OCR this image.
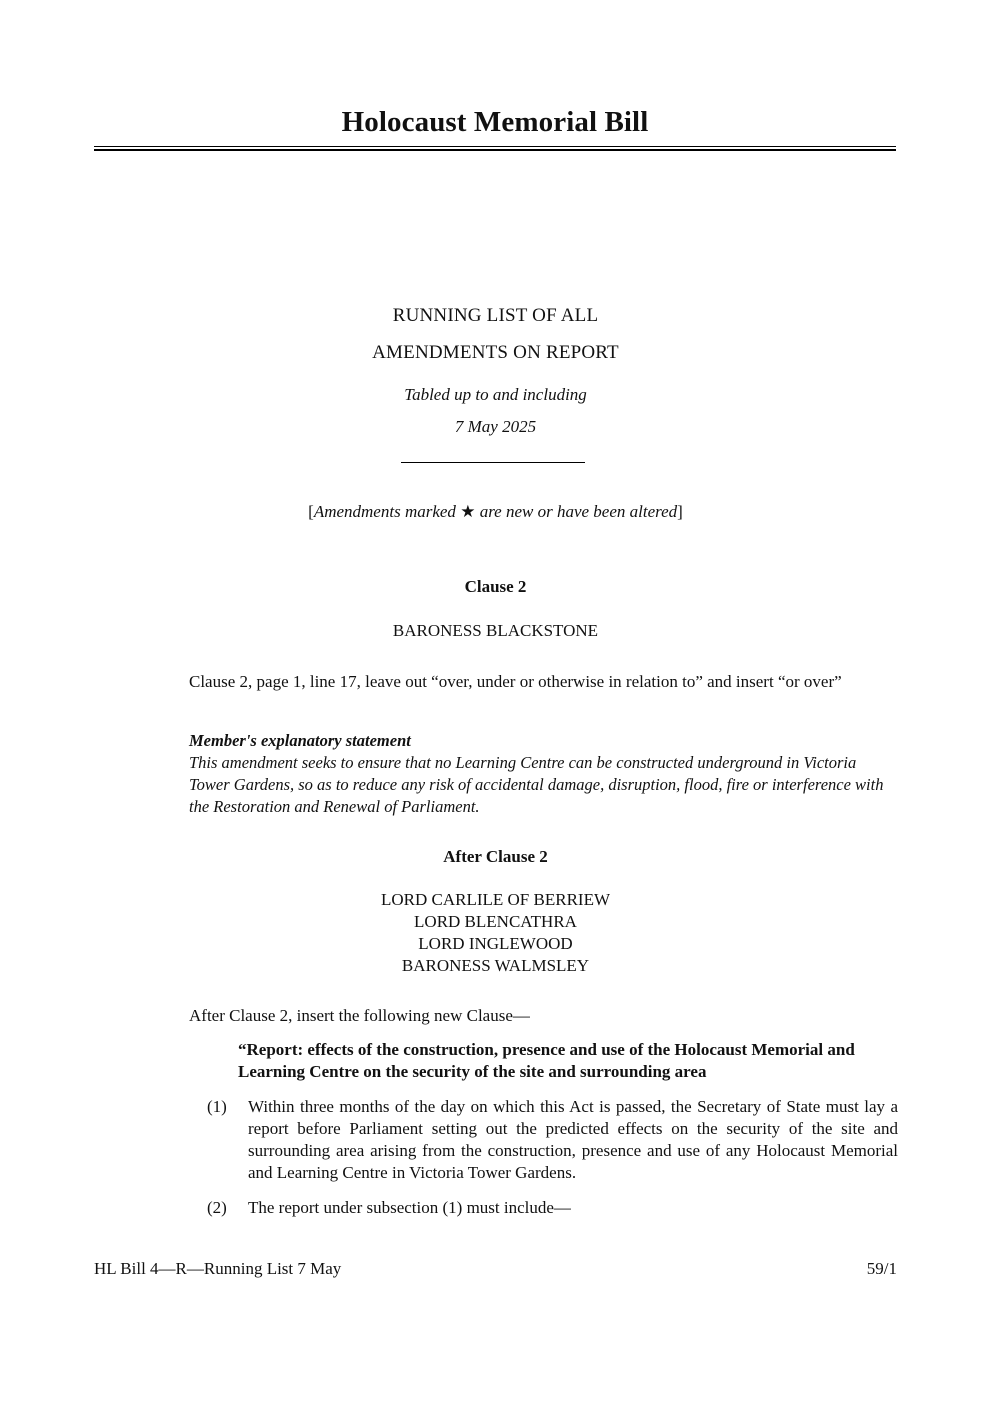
Holocaust Memorial Bill
RUNNING LIST OF ALL
AMENDMENTS ON REPORT
Tabled up to and including
7 May 2025
[Amendments marked ★ are new or have been altered]
Clause 2
BARONESS BLACKSTONE
Clause 2, page 1, line 17, leave out “over, under or otherwise in relation to” and insert “or over”
Member's explanatory statement
This amendment seeks to ensure that no Learning Centre can be constructed underground in Victoria Tower Gardens, so as to reduce any risk of accidental damage, disruption, flood, fire or interference with the Restoration and Renewal of Parliament.
After Clause 2
LORD CARLILE OF BERRIEW
LORD BLENCATHRA
LORD INGLEWOOD
BARONESS WALMSLEY
After Clause 2, insert the following new Clause—
“Report: effects of the construction, presence and use of the Holocaust Memorial and Learning Centre on the security of the site and surrounding area
(1)	Within three months of the day on which this Act is passed, the Secretary of State must lay a report before Parliament setting out the predicted effects on the security of the site and surrounding area arising from the construction, presence and use of any Holocaust Memorial and Learning Centre in Victoria Tower Gardens.
(2)	The report under subsection (1) must include—
HL Bill 4—R—Running List 7 May	59/1
